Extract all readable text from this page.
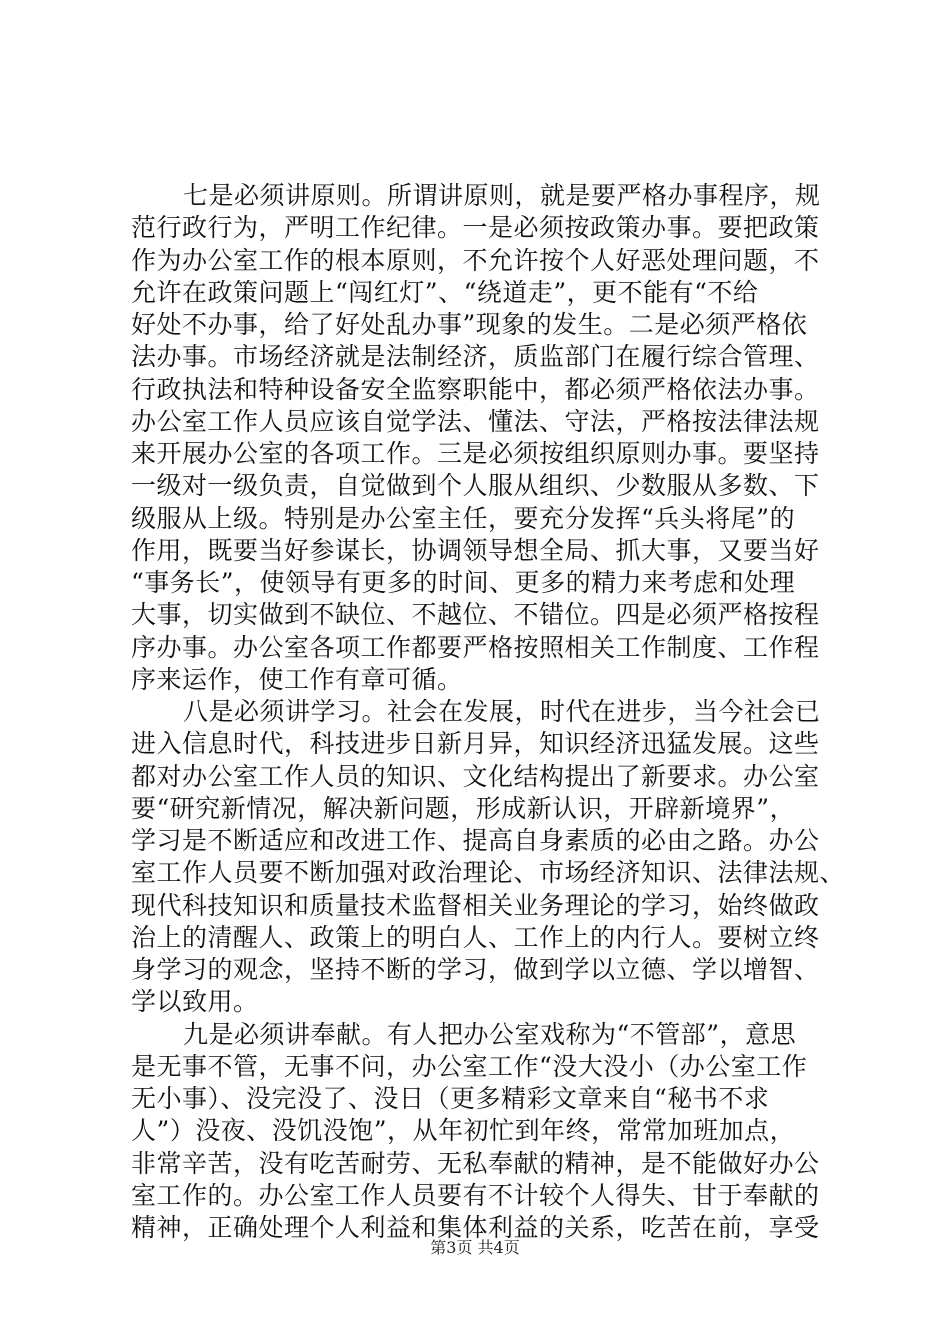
七是必须讲原则。所谓讲原则，就是要严格办事程序，规
范行政行为，严明工作纪律。一是必须按政策办事。要把政策
作为办公室工作的根本原则，不允许按个人好恶处理问题，不
允许在政策问题上“闯红灯”、“绕道走”，更不能有“不给
好处不办事，给了好处乱办事”现象的发生。二是必须严格依
法办事。市场经济就是法制经济，质监部门在履行综合管理、
行政执法和特种设备安全监察职能中，都必须严格依法办事。
办公室工作人员应该自觉学法、懂法、守法，严格按法律法规
来开展办公室的各项工作。三是必须按组织原则办事。要坚持
一级对一级负责，自觉做到个人服从组织、少数服从多数、下
级服从上级。特别是办公室主任，要充分发挥“兵头将尾”的
作用，既要当好参谋长，协调领导想全局、抓大事，又要当好
“事务长”，使领导有更多的时间、更多的精力来考虑和处理
大事，切实做到不缺位、不越位、不错位。四是必须严格按程
序办事。办公室各项工作都要严格按照相关工作制度、工作程
序来运作，使工作有章可循。
八是必须讲学习。社会在发展，时代在进步，当今社会已
进入信息时代，科技进步日新月异，知识经济迅猛发展。这些
都对办公室工作人员的知识、文化结构提出了新要求。办公室
要“研究新情况，解决新问题，形成新认识，开辟新境界”，
学习是不断适应和改进工作、提高自身素质的必由之路。办公
室工作人员要不断加强对政治理论、市场经济知识、法律法规、
现代科技知识和质量技术监督相关业务理论的学习，始终做政
治上的清醒人、政策上的明白人、工作上的内行人。要树立终
身学习的观念，坚持不断的学习，做到学以立德、学以增智、
学以致用。
九是必须讲奉献。有人把办公室戏称为“不管部”，意思
是无事不管，无事不问，办公室工作“没大没小（办公室工作
无小事）、没完没了、没日（更多精彩文章来自“秘书不求
人”）没夜、没饥没饱”，从年初忙到年终，常常加班加点，
非常辛苦，没有吃苦耐劳、无私奉献的精神，是不能做好办公
室工作的。办公室工作人员要有不计较个人得失、甘于奉献的
精神，正确处理个人利益和集体利益的关系，吃苦在前，享受
第3页 共4页
